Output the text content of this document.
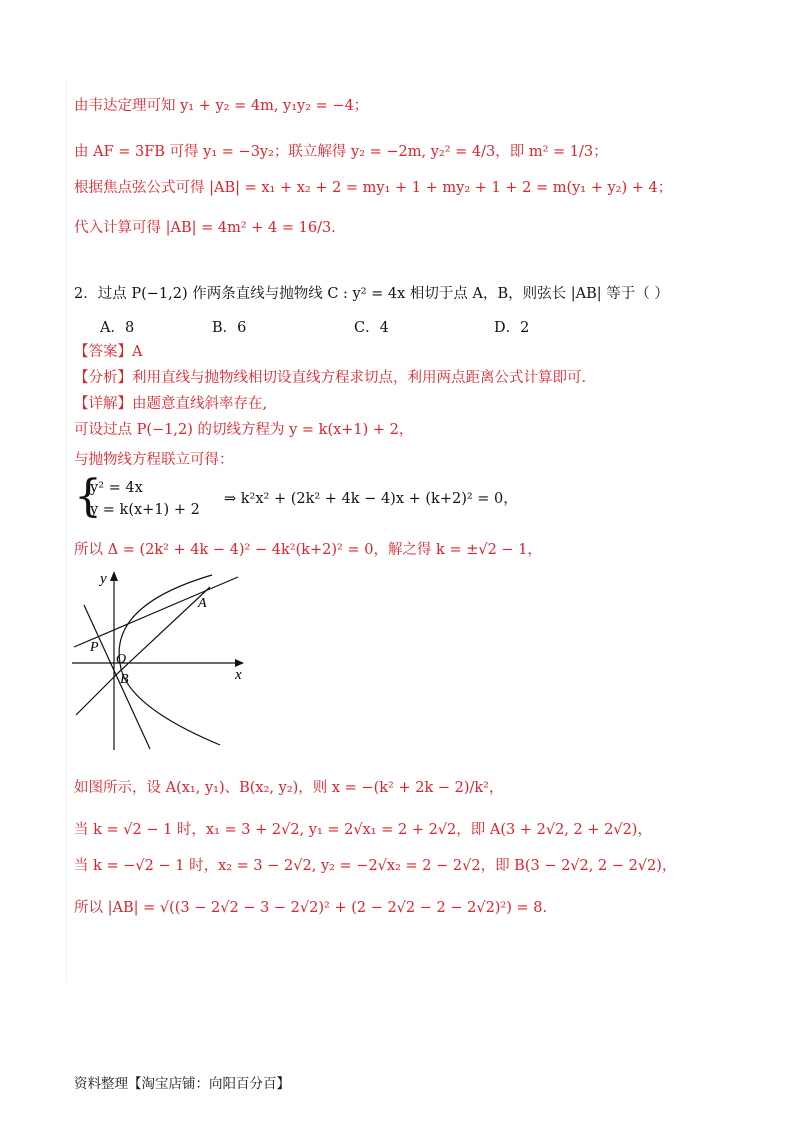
由韦达定理可知 y₁ + y₂ = 4m, y₁y₂ = −4；
由 AF = 3FB 可得 y₁ = −3y₂；联立解得 y₂ = −2m, y₂² = 4/3，即 m² = 1/3；
根据焦点弦公式可得 |AB| = x₁ + x₂ + 2 = my₁ + 1 + my₂ + 1 + 2 = m(y₁ + y₂) + 4；
代入计算可得 |AB| = 4m² + 4 = 16/3.
2．过点 P(−1,2) 作两条直线与抛物线 C : y² = 4x 相切于点 A，B，则弦长 |AB| 等于（ ）
A．8	B．6	C．4	D．2
【答案】A
【分析】利用直线与抛物线相切设直线方程求切点，利用两点距离公式计算即可.
【详解】由题意直线斜率存在,
可设过点 P(−1,2) 的切线方程为 y = k(x+1) + 2，
与抛物线方程联立可得：
{
y² = 4x
y = k(x+1) + 2
⇒ k²x² + (2k² + 4k − 4)x + (k+2)² = 0，
所以 Δ = (2k² + 4k − 4)² − 4k²(k+2)² = 0，解之得 k = ±√2 − 1，
y
x
A
P
O
B
如图所示，设 A(x₁, y₁)、B(x₂, y₂)，则 x = −(k² + 2k − 2)/k²，
当 k = √2 − 1 时，x₁ = 3 + 2√2, y₁ = 2√x₁ = 2 + 2√2，即 A(3 + 2√2, 2 + 2√2)，
当 k = −√2 − 1 时，x₂ = 3 − 2√2, y₂ = −2√x₂ = 2 − 2√2，即 B(3 − 2√2, 2 − 2√2)，
所以 |AB| = √((3 − 2√2 − 3 − 2√2)² + (2 − 2√2 − 2 − 2√2)²) = 8.
资料整理【淘宝店铺：向阳百分百】
